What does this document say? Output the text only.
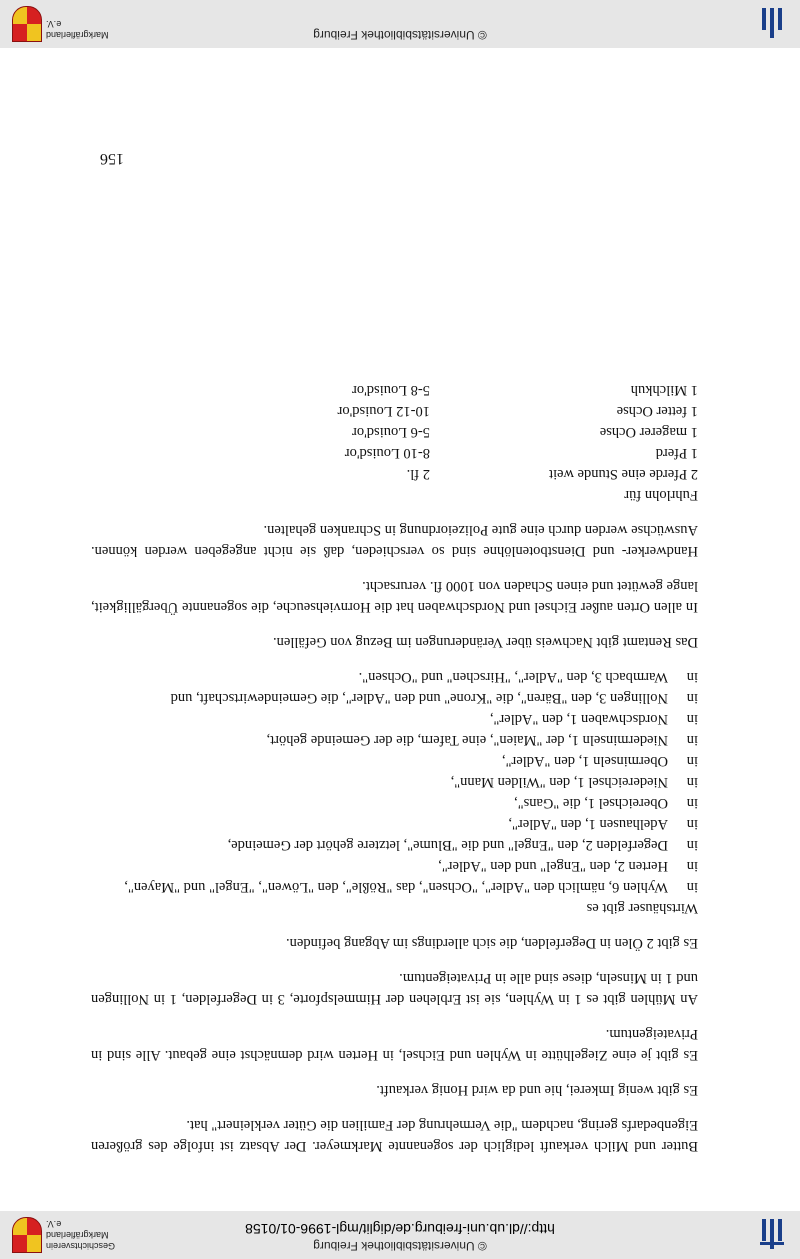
© Universitätsbibliothek Freiburg
http://dl.ub.uni-freiburg.de/diglit/mgl-1996-01/0158
Geschichtsverein Markgräflerland e.V.

Butter und Milch verkauft lediglich der sogenannte Markmeyer. Der Absatz ist infolge des größeren Eigenbedarfs gering, nachdem "die Vermehrung der Familien die Güter verkleinert" hat.

Es gibt wenig Imkerei, hie und da wird Honig verkauft.

Es gibt je eine Ziegelhütte in Wyhlen und Eichsel, in Herten wird demnächst eine gebaut. Alle sind in Privateigentum.

An Mühlen gibt es 1 in Wyhlen, sie ist Erblehen der Himmelspforte, 3 in Degerfelden, 1 in Nollingen und 1 in Minseln, diese sind alle in Privateigentum.

Es gibt 2 Ölen in Degerfelden, die sich allerdings im Abgang befinden.

Wirtshäuser gibt es

in
Wyhlen 6, nämlich den "Adler", "Ochsen", das "Rößle", den "Löwen", "Engel" und "Mayen",
in
Herten 2, den "Engel" und den "Adler",
in
Degerfelden 2, den "Engel" und die "Blume", letztere gehört der Gemeinde,
in
Adelhausen 1, den "Adler",
in
Obereichsel 1, die "Gans",
in
Niedereichsel 1, den "Wilden Mann",
in
Oberminseln 1, den "Adler",
in
Niederminseln 1, der "Maien", eine Tafern, die der Gemeinde gehört,
in
Nordschwaben 1, den "Adler",
in
Nollingen 3, den "Bären", die "Krone" und den "Adler", die Gemeindewirtschaft, und
in
Warmbach 3, den "Adler", "Hirschen" und "Ochsen".

Das Rentamt gibt Nachweis über Veränderungen im Bezug von Gefällen.

In allen Orten außer Eichsel und Nordschwaben hat die Hornviehseuche, die sogenannte Übergälligkeit, lange gewütet und einen Schaden von 1000 fl. verursacht.

Handwerker- und Dienstbotenlöhne sind so verschieden, daß sie nicht angegeben werden können. Auswüchse werden durch eine gute Polizeiordnung in Schranken gehalten.

Fuhrlohn für

2 Pferde eine Stunde weit	2 fl.
1 Pferd	8-10 Louisd'or
1 magerer Ochse	5-6 Louisd'or
1 fetter Ochse	10-12 Louisd'or
1 Milchkuh	5-8 Louisd'or
156
© Universitätsbibliothek Freiburg
Markgräflerland e.V.
